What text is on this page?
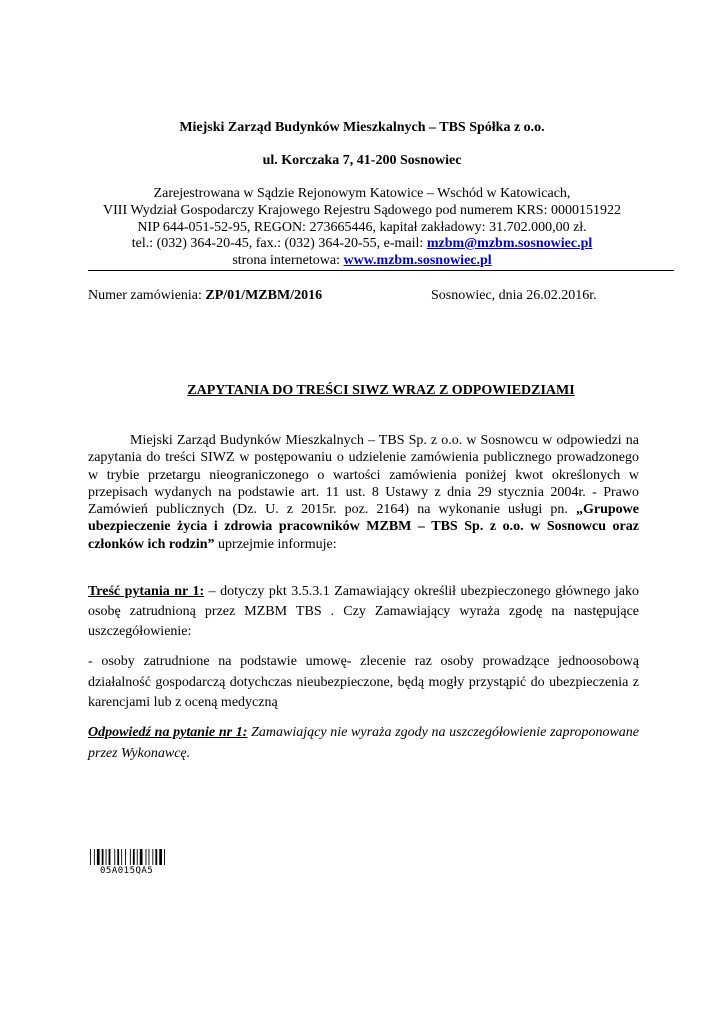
Miejski Zarząd Budynków Mieszkalnych – TBS Spółka z o.o.
ul. Korczaka 7, 41-200 Sosnowiec
Zarejestrowana w Sądzie Rejonowym Katowice – Wschód w Katowicach,
VIII Wydział Gospodarczy Krajowego Rejestru Sądowego pod numerem KRS: 0000151922
NIP 644-051-52-95, REGON: 273665446, kapitał zakładowy: 31.702.000,00 zł.
tel.: (032) 364-20-45, fax.: (032) 364-20-55, e-mail: mzbm@mzbm.sosnowiec.pl
strona internetowa: www.mzbm.sosnowiec.pl
Numer zamówienia: ZP/01/MZBM/2016	Sosnowiec, dnia 26.02.2016r.
ZAPYTANIA DO TREŚCI SIWZ WRAZ Z ODPOWIEDZIAMI
Miejski Zarząd Budynków Mieszkalnych – TBS Sp. z o.o. w Sosnowcu w odpowiedzi na zapytania do treści SIWZ w postępowaniu o udzielenie zamówienia publicznego prowadzonego w trybie przetargu nieograniczonego o wartości zamówienia poniżej kwot określonych w przepisach wydanych na podstawie art. 11 ust. 8 Ustawy z dnia 29 stycznia 2004r. - Prawo Zamówień publicznych (Dz. U. z 2015r. poz. 2164) na wykonanie usługi pn. „Grupowe ubezpieczenie życia i zdrowia pracowników MZBM – TBS Sp. z o.o. w Sosnowcu oraz członków ich rodzin” uprzejmie informuje:
Treść pytania nr 1: – dotyczy pkt 3.5.3.1 Zamawiający określił ubezpieczonego głównego jako osobę zatrudnioną przez MZBM TBS . Czy Zamawiający wyraża zgodę na następujące uszczegółowienie:
- osoby zatrudnione na podstawie umowę- zlecenie raz osoby prowadzące jednoosobową działalność gospodarczą dotychczas nieubezpieczone, będą mogły przystąpić do ubezpieczenia z karencjami lub z oceną medyczną
Odpowiedź na pytanie nr 1: Zamawiający nie wyraża zgody na uszczegółowienie zaproponowane przez Wykonawcę.
05A015QA5
